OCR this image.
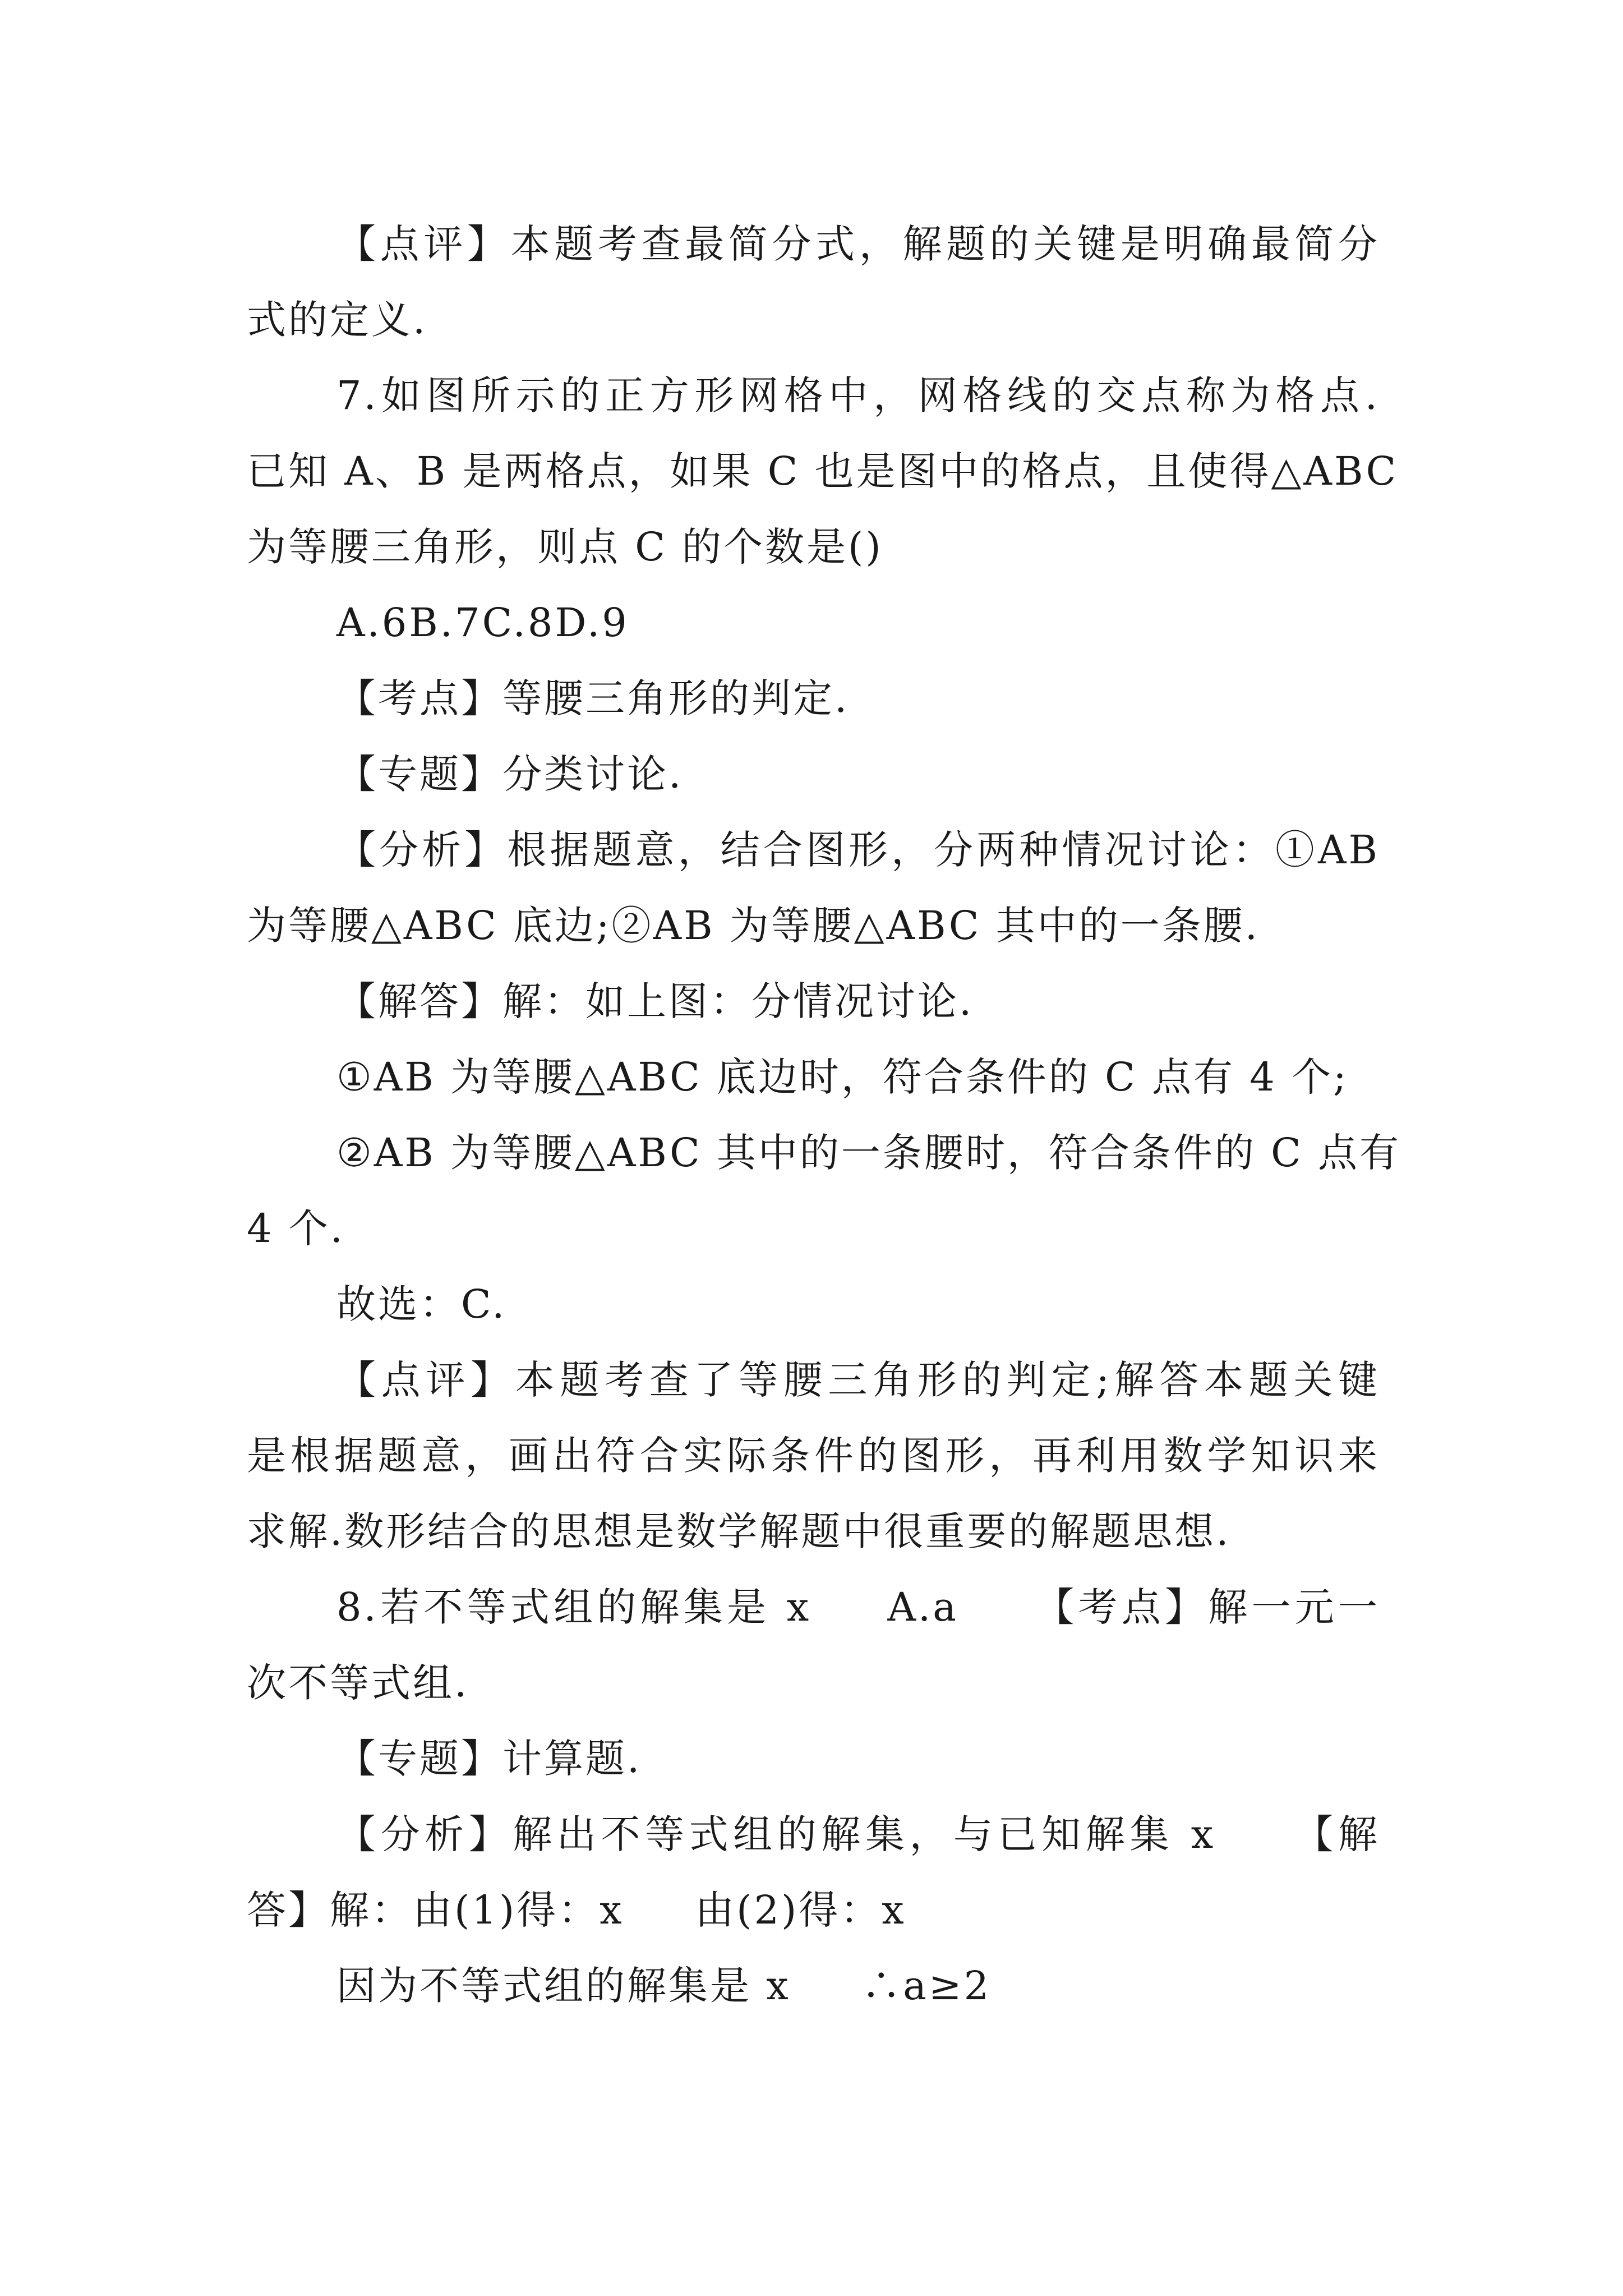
【点评】本题考查最简分式，解题的关键是明确最简分
式的定义.
7.如图所示的正方形网格中，网格线的交点称为格点.
已知 A、B 是两格点，如果 C 也是图中的格点，且使得△ABC
为等腰三角形，则点 C 的个数是()
A.6B.7C.8D.9
【考点】等腰三角形的判定.
【专题】分类讨论.
【分析】根据题意，结合图形，分两种情况讨论：①AB
为等腰△ABC 底边;②AB 为等腰△ABC 其中的一条腰.
【解答】解：如上图：分情况讨论.
①AB 为等腰△ABC 底边时，符合条件的 C 点有 4 个;
②AB 为等腰△ABC 其中的一条腰时，符合条件的 C 点有
4 个.
故选：C.
【点评】本题考查了等腰三角形的判定;解答本题关键
是根据题意，画出符合实际条件的图形，再利用数学知识来
求解.数形结合的思想是数学解题中很重要的解题思想.
8.若不等式组的解集是 x 　 A.a 　 【考点】解一元一
次不等式组.
【专题】计算题.
【分析】解出不等式组的解集，与已知解集 x 　 【解
答】解：由(1)得：x 　 由(2)得：x
因为不等式组的解集是 x 　 ∴a≥2
